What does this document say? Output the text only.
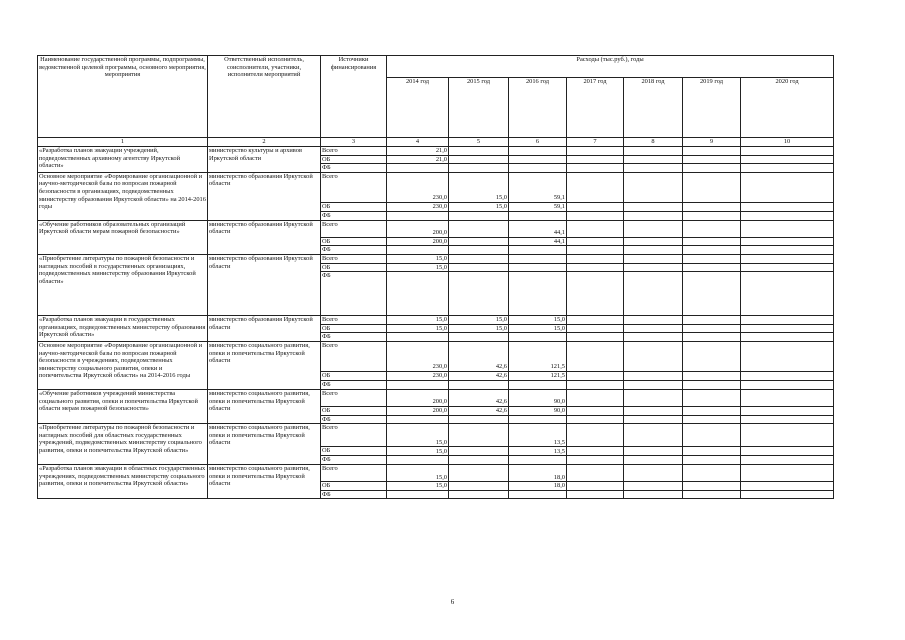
Наименование государственной программы, подпрограммы, ведомственной целевой программы, основного мероприятия, мероприятия	Ответственный исполнитель, соисполнители, участники, исполнители мероприятий	Источники финансирования	Расходы (тыс.руб.), годы						
			2014 год	2015 год	2016 год	2017 год	2018 год	2019 год	2020 год
1	2	3	4	5	6	7	8	9	10
«Разработка планов эвакуации учреждений, подведомственных архивному агентству Иркутской области»	министерство культуры и архивов Иркутской области	Всего	21,0						
		ОБ	21,0						
		ФБ							
Основное мероприятие «Формирование организационной и научно-методической базы по вопросам пожарной безопасности в организациях, подведомственных министерству образования Иркутской области» на 2014-2016 годы	министерство образования Иркутской области	Всего	230,0	15,0	59,1				
		ОБ	230,0	15,0	59,1				
		ФБ							
«Обучение работников образовательных организаций Иркутской области мерам пожарной безопасности»	министерство образования Иркутской области	Всего	200,0		44,1				
		ОБ	200,0		44,1				
		ФБ							
«Приобретение литературы по пожарной безопасности и наглядных пособий в государственных организациях, подведомственных министерству образования Иркутской области»	министерство образования Иркутской области	Всего	15,0						
		ОБ	15,0						
		ФБ							
«Разработка планов эвакуации в государственных организациях, подведомственных министерству образования Иркутской области»	министерство образования Иркутской области	Всего	15,0	15,0	15,0				
		ОБ	15,0	15,0	15,0				
		ФБ							
Основное мероприятие «Формирование организационной и научно-методической базы по вопросам пожарной безопасности в учреждениях, подведомственных министерству социального развития, опеки и попечительства Иркутской области» на 2014-2016 годы	министерство социального развития, опеки и попечительства Иркутской области	Всего	230,0	42,6	121,5				
		ОБ	230,0	42,6	121,5				
		ФБ							
«Обучение работников учреждений министерства социального развития, опеки и попечительства Иркутской области мерам пожарной безопасности»	министерство социального развития, опеки и попечительства Иркутской области	Всего	200,0	42,6	90,0				
		ОБ	200,0	42,6	90,0				
		ФБ							
«Приобретение литературы по пожарной безопасности и наглядных пособий для областных государственных учреждений, подведомственных министерству социального развития, опеки и попечительства Иркутской области»	министерство социального развития, опеки и попечительства Иркутской области	Всего	15,0		13,5				
		ОБ	15,0		13,5				
		ФБ							
«Разработка планов эвакуации в областных государственных учреждениях, подведомственных министерству социального развития, опеки и попечительства Иркутской области»	министерство социального развития, опеки и попечительства Иркутской области	Всего	15,0		18,0				
		ОБ	15,0		18,0				
		ФБ							
6
